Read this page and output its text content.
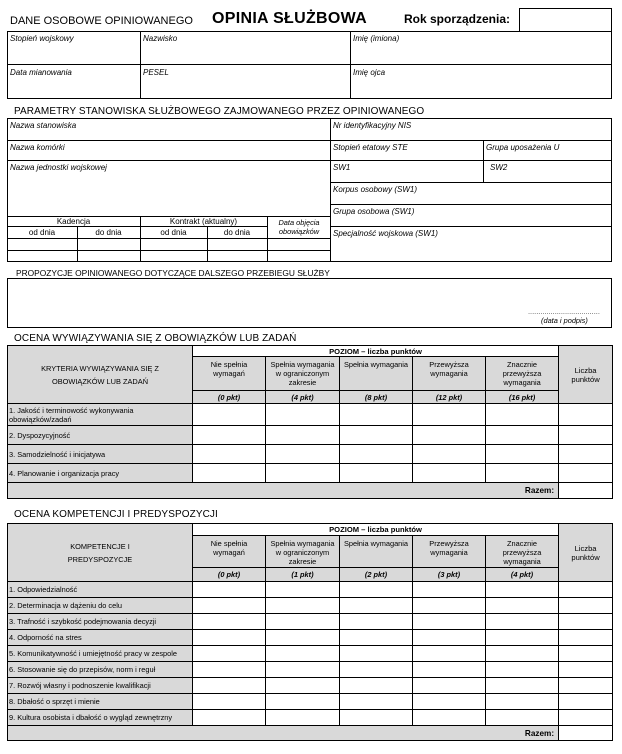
DANE OSOBOWE OPINIOWANEGO OPINIA SŁUŻBOWA	Rok sporządzenia:
Stopień wojskowy	Nazwisko	Imię (imiona)
Data mianowania	PESEL	Imię ojca
PARAMETRY STANOWISKA SŁUŻBOWEGO ZAJMOWANEGO PRZEZ OPINIOWANEGO
Nazwa stanowiska	Nr identyfikacyjny NIS
Nazwa komórki	Stopień etatowy STE	Grupa uposażenia U
Nazwa jednostki wojskowej	SW1	SW2
Korpus osobowy (SW1)
Grupa osobowa (SW1)
Specjalność wojskowa (SW1)
Kadencja	Kontrakt (aktualny)	Data objęcia obowiązków
od dnia	do dnia	od dnia	do dnia
PROPOZYCJE OPINIOWANEGO DOTYCZĄCE DALSZEGO PRZEBIEGU SŁUŻBY
...................................
(data i podpis)
OCENA WYWIĄZYWANIA SIĘ Z OBOWIĄZKÓW LUB ZADAŃ
KRYTERIA WYWIĄZYWANIA SIĘ Z OBOWIĄZKÓW LUB ZADAŃ	POZIOM – liczba punktów					Liczba punktów
	Nie spełnia wymagań	Spełnia wymagania w ograniczonym zakresie	Spełnia wymagania	Przewyższa wymagania	Znacznie przewyższa wymagania	
	(0 pkt)	(4 pkt)	(8 pkt)	(12 pkt)	(16 pkt)	
1. Jakość i terminowość wykonywania obowiązków/zadań						
2. Dyspozycyjność						
3. Samodzielność i inicjatywa						
4. Planowanie i organizacja pracy						
Razem:						
OCENA KOMPETENCJI I PREDYSPOZYCJI
KOMPETENCJE I PREDYSPOZYCJE	POZIOM – liczba punktów					Liczba punktów
	Nie spełnia wymagań	Spełnia wymagania w ograniczonym zakresie	Spełnia wymagania	Przewyższa wymagania	Znacznie przewyższa wymagania	
	(0 pkt)	(1 pkt)	(2 pkt)	(3 pkt)	(4 pkt)	
1. Odpowiedzialność						
2. Determinacja w dążeniu do celu						
3. Trafność i szybkość podejmowania decyzji						
4. Odporność na stres						
5. Komunikatywność i umiejętność pracy w zespole						
6. Stosowanie się do przepisów, norm i reguł						
7. Rozwój własny i podnoszenie kwalifikacji						
8. Dbałość o sprzęt i mienie						
9. Kultura osobista i dbałość o wygląd zewnętrzny						
Razem:						
